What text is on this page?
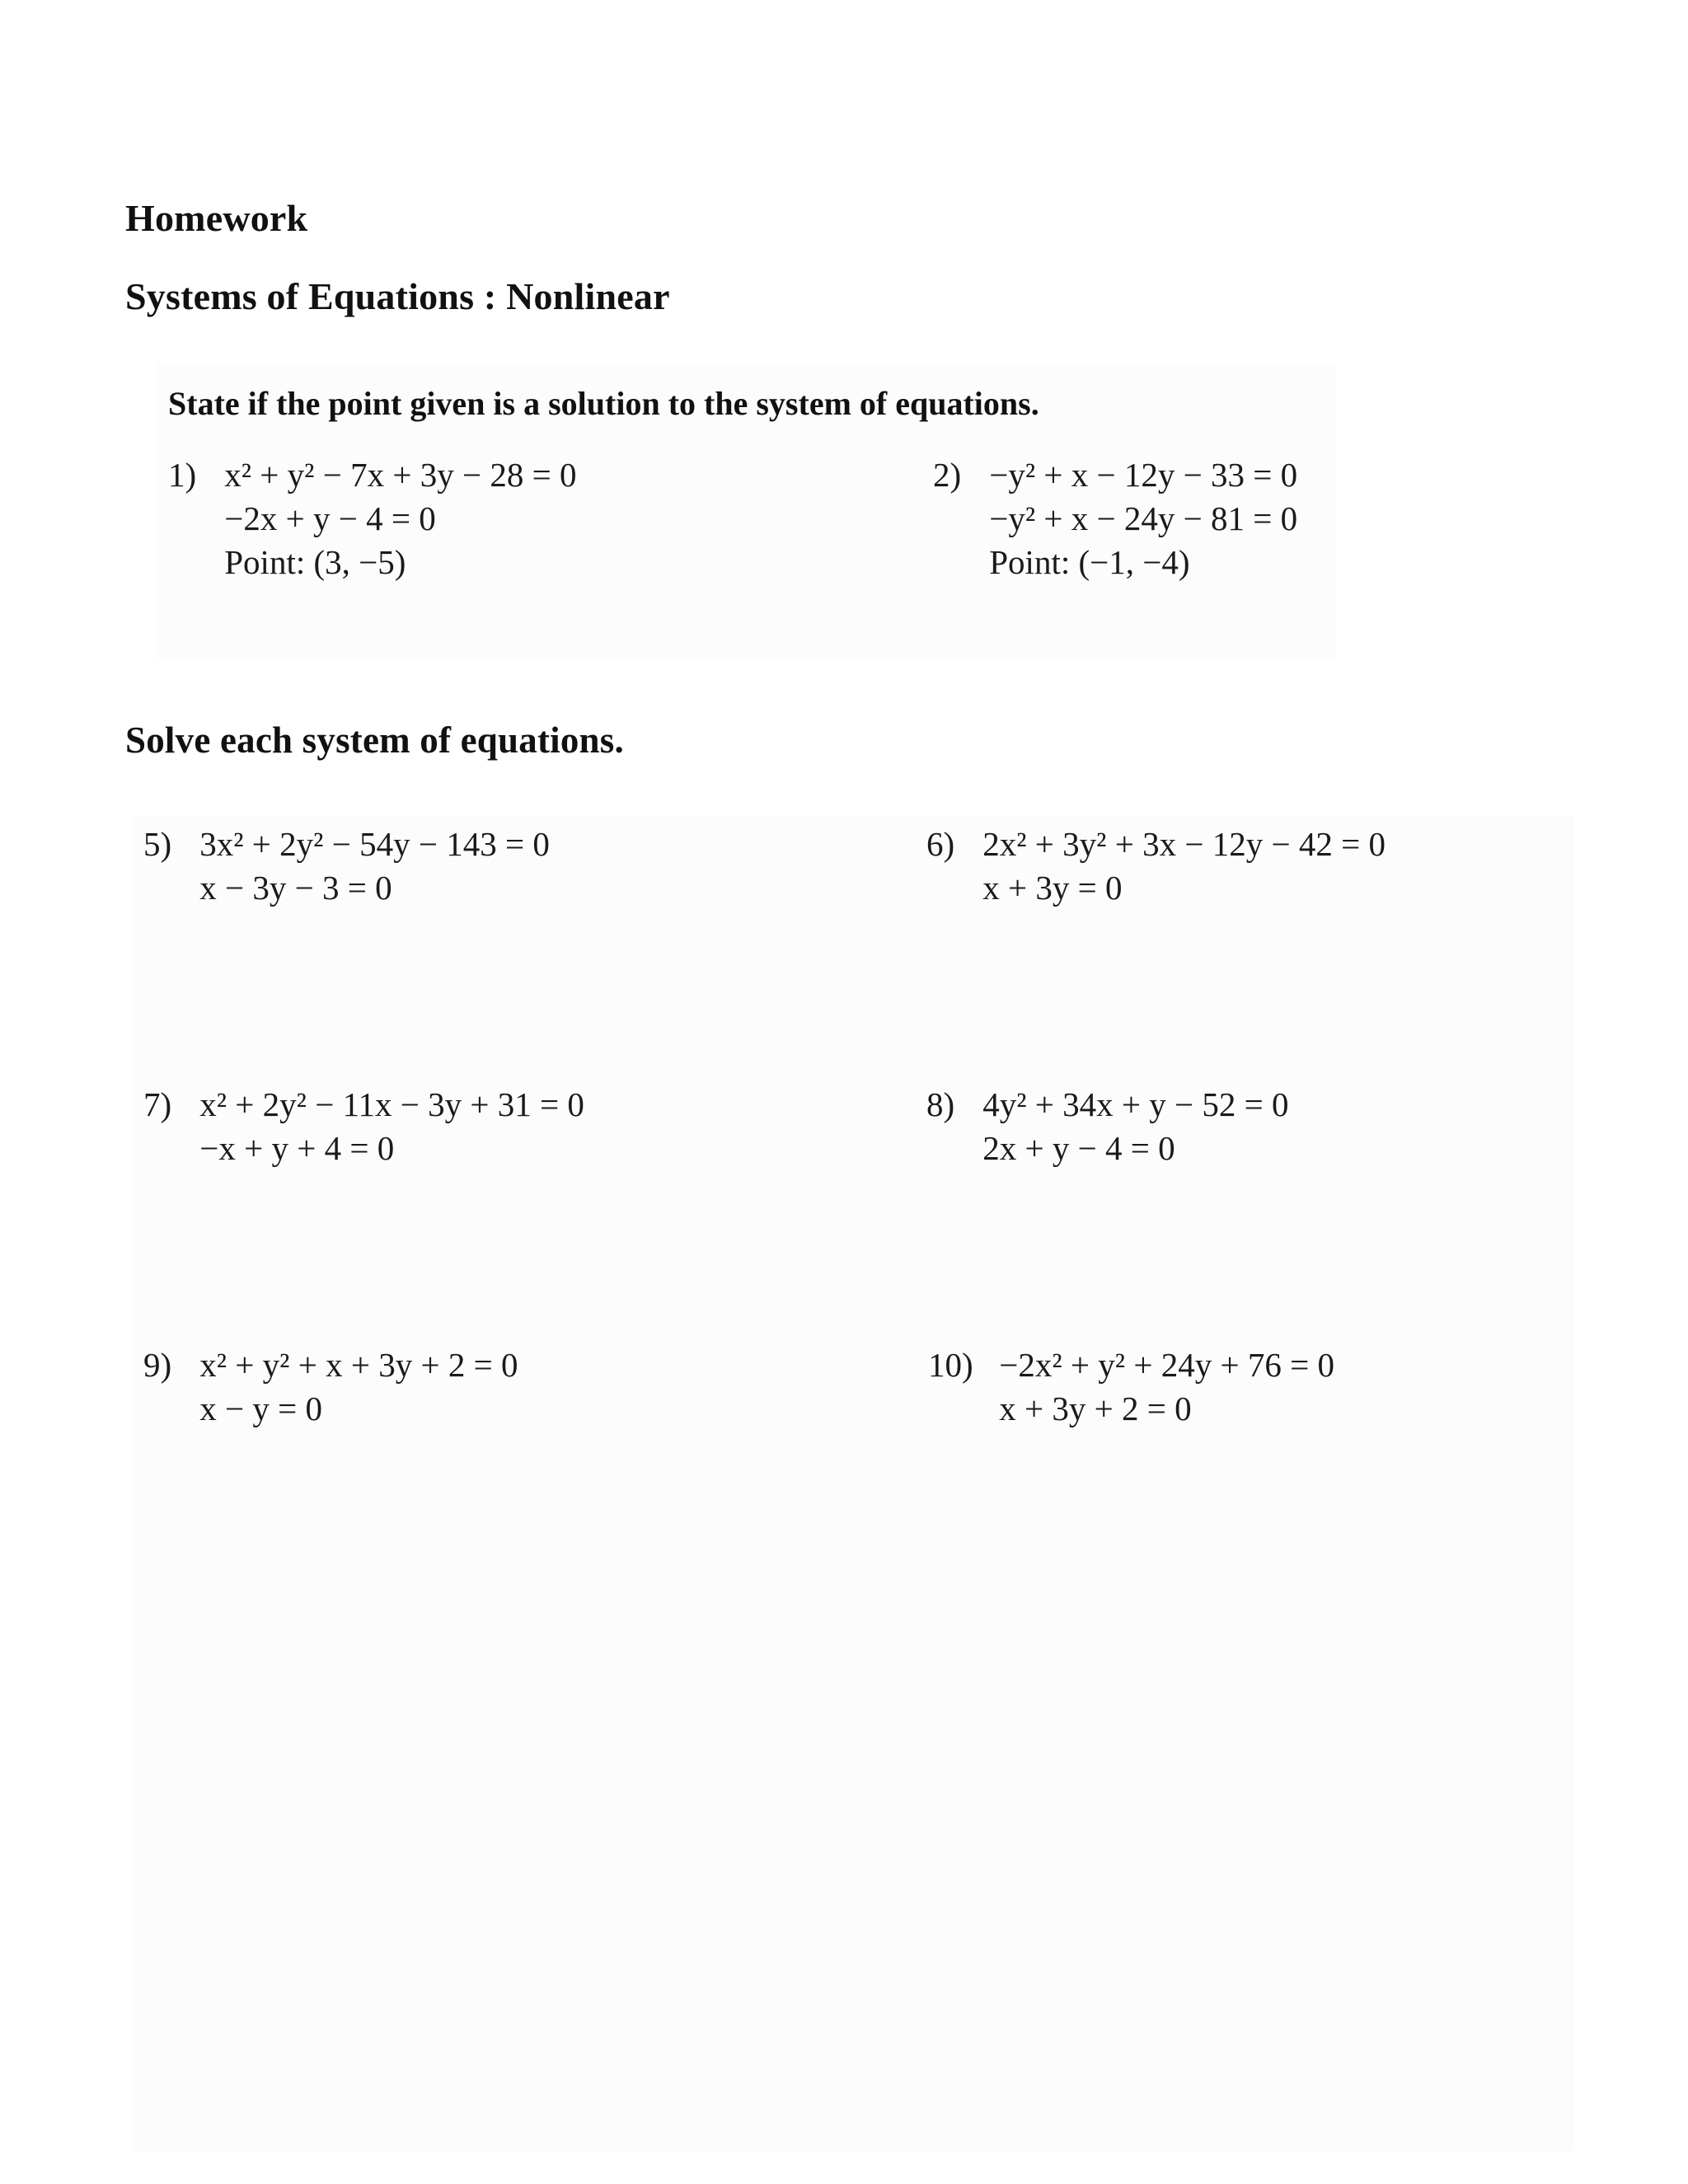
Homework
Systems of Equations : Nonlinear
State if the point given is a solution to the system of equations.
1) x² + y² − 7x + 3y − 28 = 0
−2x + y − 4 = 0
Point: (3, −5)
2) −y² + x − 12y − 33 = 0
−y² + x − 24y − 81 = 0
Point: (−1, −4)
Solve each system of equations.
5) 3x² + 2y² − 54y − 143 = 0
x − 3y − 3 = 0
6) 2x² + 3y² + 3x − 12y − 42 = 0
x + 3y = 0
7) x² + 2y² − 11x − 3y + 31 = 0
−x + y + 4 = 0
8) 4y² + 34x + y − 52 = 0
2x + y − 4 = 0
9) x² + y² + x + 3y + 2 = 0
x − y = 0
10) −2x² + y² + 24y + 76 = 0
x + 3y + 2 = 0
